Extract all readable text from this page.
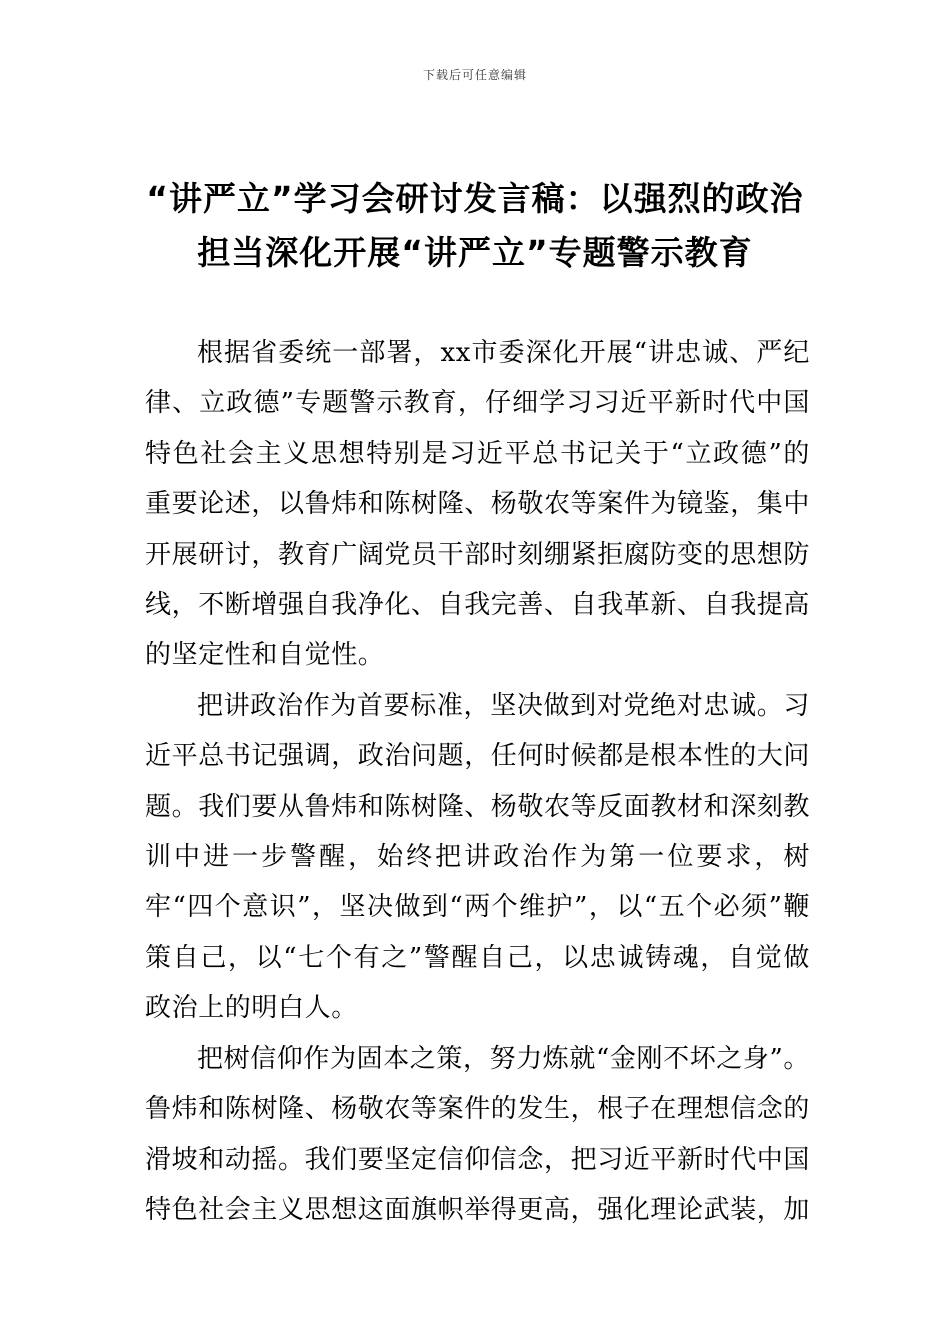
下载后可任意编辑
“讲严立”学习会研讨发言稿：以强烈的政治担当深化开展“讲严立”专题警示教育

根据省委统一部署，xx市委深化开展“讲忠诚、严纪律、立政德”专题警示教育，仔细学习习近平新时代中国特色社会主义思想特别是习近平总书记关于“立政德”的重要论述，以鲁炜和陈树隆、杨敬农等案件为镜鉴，集中开展研讨，教育广阔党员干部时刻绷紧拒腐防变的思想防线，不断增强自我净化、自我完善、自我革新、自我提高的坚定性和自觉性。

把讲政治作为首要标准，坚决做到对党绝对忠诚。习近平总书记强调，政治问题，任何时候都是根本性的大问题。我们要从鲁炜和陈树隆、杨敬农等反面教材和深刻教训中进一步警醒，始终把讲政治作为第一位要求，树牢“四个意识”，坚决做到“两个维护”，以“五个必须”鞭策自己，以“七个有之”警醒自己，以忠诚铸魂，自觉做政治上的明白人。

把树信仰作为固本之策，努力炼就“金刚不坏之身”。鲁炜和陈树隆、杨敬农等案件的发生，根子在理想信念的滑坡和动摇。我们要坚定信仰信念，把习近平新时代中国特色社会主义思想这面旗帜举得更高，强化理论武装，加
